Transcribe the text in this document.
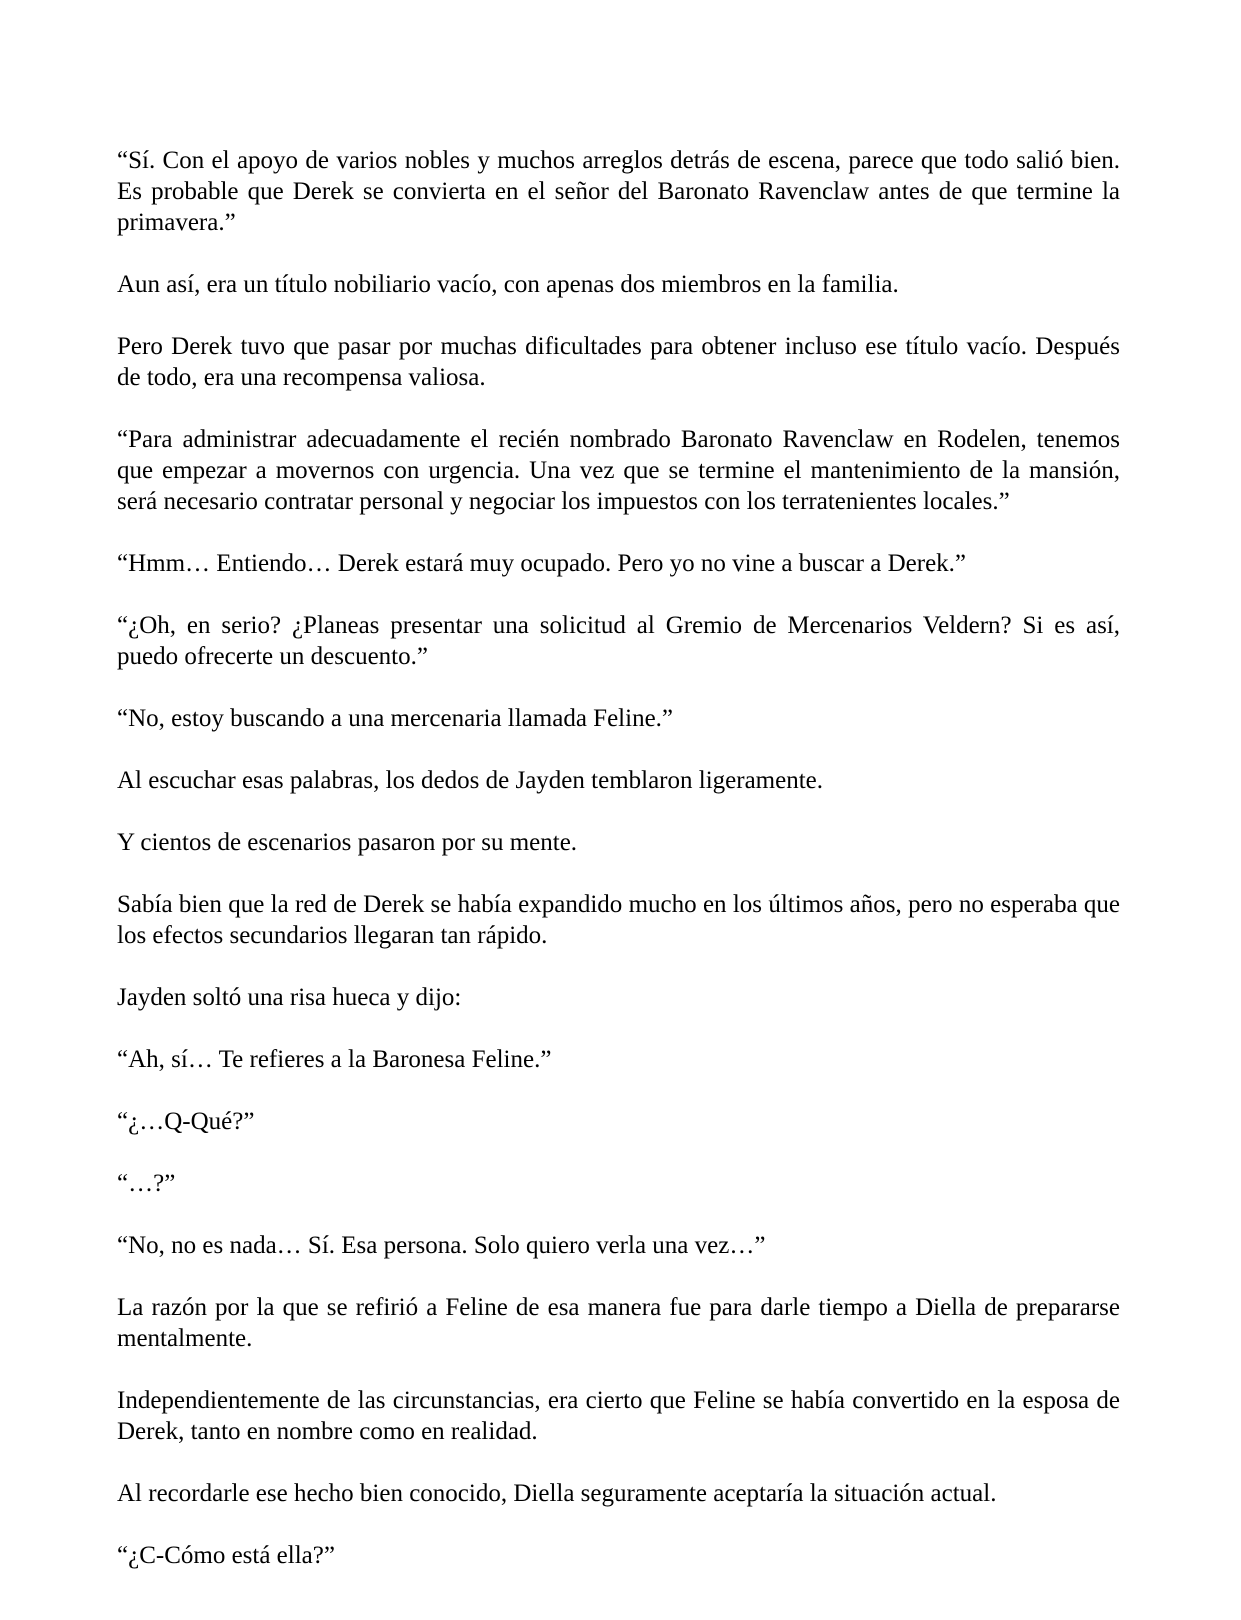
“Sí. Con el apoyo de varios nobles y muchos arreglos detrás de escena, parece que todo salió bien. Es probable que Derek se convierta en el señor del Baronato Ravenclaw antes de que termine la primavera.”

Aun así, era un título nobiliario vacío, con apenas dos miembros en la familia.

Pero Derek tuvo que pasar por muchas dificultades para obtener incluso ese título vacío. Después de todo, era una recompensa valiosa.

“Para administrar adecuadamente el recién nombrado Baronato Ravenclaw en Rodelen, tenemos que empezar a movernos con urgencia. Una vez que se termine el mantenimiento de la mansión, será necesario contratar personal y negociar los impuestos con los terratenientes locales.”

“Hmm… Entiendo… Derek estará muy ocupado. Pero yo no vine a buscar a Derek.”

“¿Oh, en serio? ¿Planeas presentar una solicitud al Gremio de Mercenarios Veldern? Si es así, puedo ofrecerte un descuento.”

“No, estoy buscando a una mercenaria llamada Feline.”

Al escuchar esas palabras, los dedos de Jayden temblaron ligeramente.

Y cientos de escenarios pasaron por su mente.

Sabía bien que la red de Derek se había expandido mucho en los últimos años, pero no esperaba que los efectos secundarios llegaran tan rápido.

Jayden soltó una risa hueca y dijo:

“Ah, sí… Te refieres a la Baronesa Feline.”

“¿…Q-Qué?”

“…?”

“No, no es nada… Sí. Esa persona. Solo quiero verla una vez…”

La razón por la que se refirió a Feline de esa manera fue para darle tiempo a Diella de prepararse mentalmente.

Independientemente de las circunstancias, era cierto que Feline se había convertido en la esposa de Derek, tanto en nombre como en realidad.

Al recordarle ese hecho bien conocido, Diella seguramente aceptaría la situación actual.

“¿C-Cómo está ella?”
